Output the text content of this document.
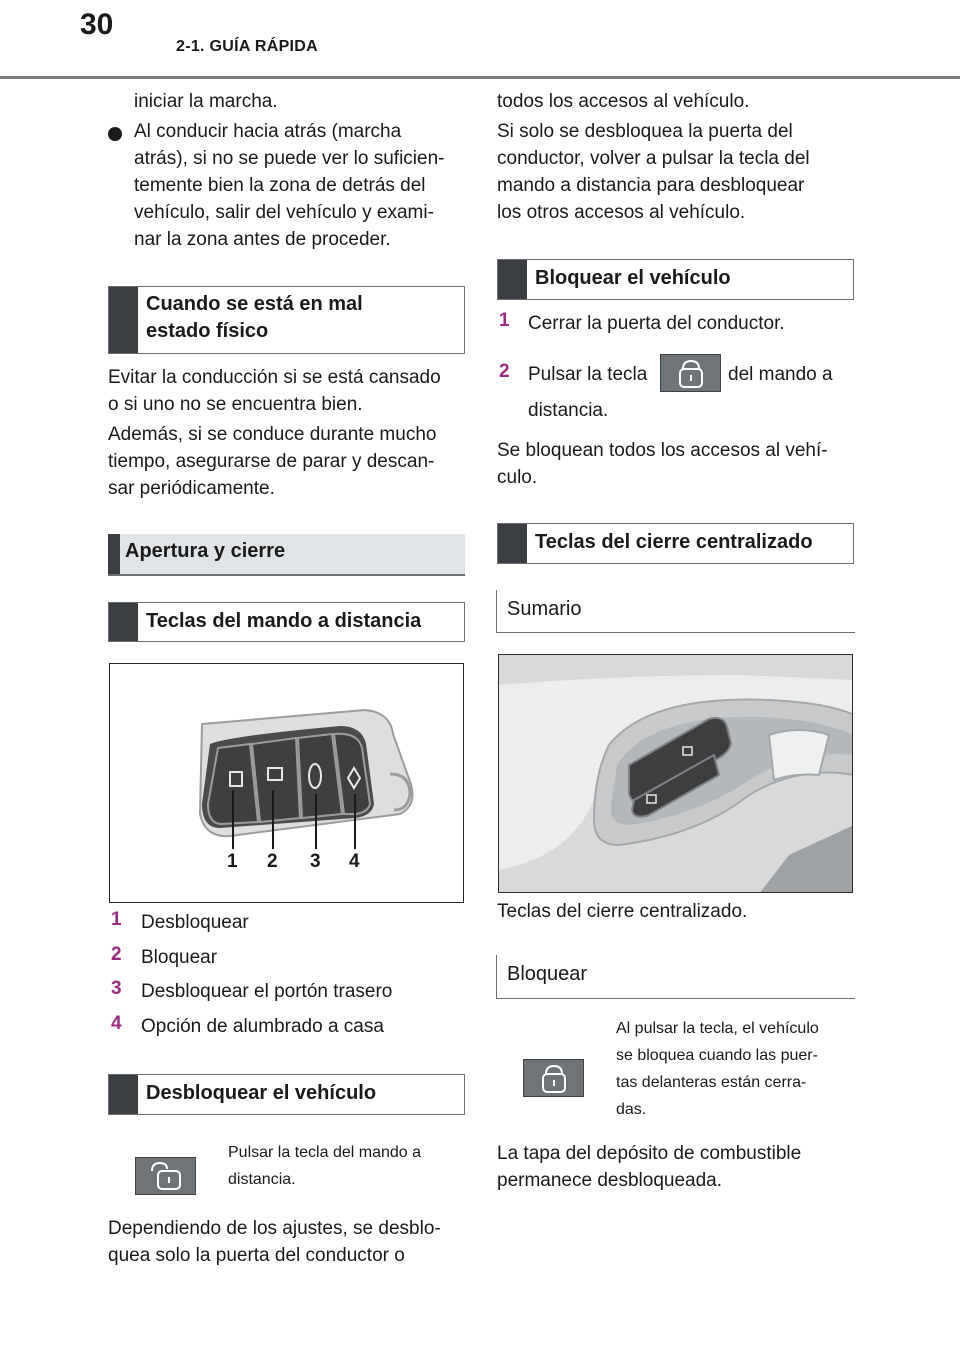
30
2-1. GUÍA RÁPIDA

iniciar la marcha.

Al conducir hacia atrás (marcha

atrás), si no se puede ver lo suficien-

temente bien la zona de detrás del

vehículo, salir del vehículo y exami-

nar la zona antes de proceder.

Cuando se está en mal
estado físico

Evitar la conducción si se está cansado

o si uno no se encuentra bien.

Además, si se conduce durante mucho

tiempo, asegurarse de parar y descan-

sar periódicamente.

Apertura y cierre
Teclas del mando a distancia
1 2 3 4
1 Desbloquear
2 Bloquear
3 Desbloquear el portón trasero
4 Opción de alumbrado a casa
Desbloquear el vehículo

Pulsar la tecla del mando a

distancia.

Dependiendo de los ajustes, se desblo-

quea solo la puerta del conductor o

todos los accesos al vehículo.

Si solo se desbloquea la puerta del

conductor, volver a pulsar la tecla del

mando a distancia para desbloquear

los otros accesos al vehículo.

Bloquear el vehículo
1 Cerrar la puerta del conductor.

2 Pulsar la tecla	del mando a

distancia.

Se bloquean todos los accesos al vehí-

culo.

Teclas del cierre centralizado
Sumario

Teclas del cierre centralizado.

Bloquear

Al pulsar la tecla, el vehículo

se bloquea cuando las puer-

tas delanteras están cerra-

das.

La tapa del depósito de combustible

permanece desbloqueada.
